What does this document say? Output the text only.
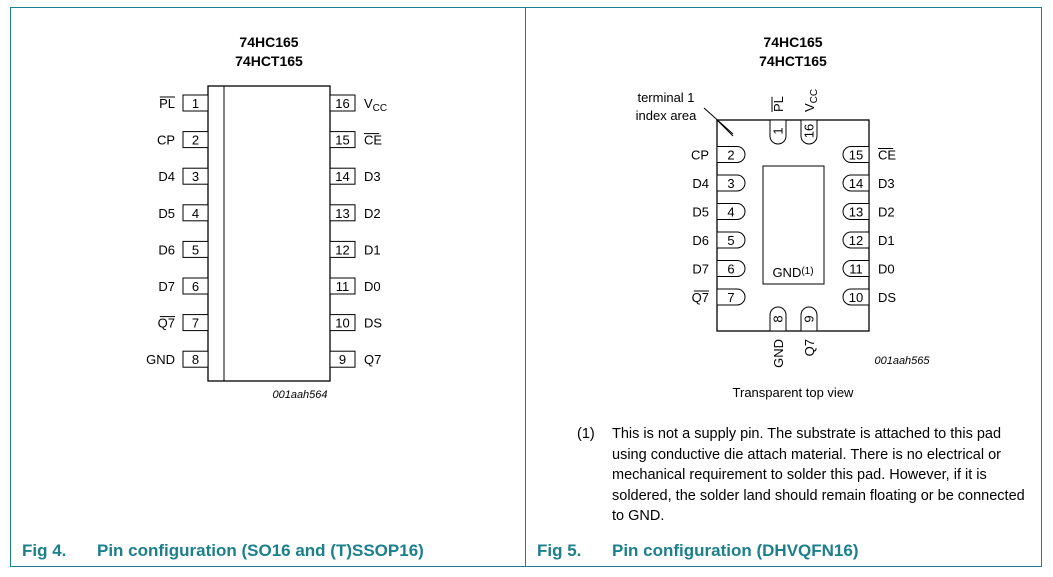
74HC165
74HCT165
1
PL
2
CP
3
D4
4
D5
5
D6
6
D7
7
Q7
8
GND
16 $V_{CC}$
15 CE
14 D3
13 D2
12 D1
11 D0
10 DS
9 Q7
001aah564
74HC165
74HCT165
terminal 1
index area
GND$^{(1)}$
2
CP
3
D4
4
D5
5
D6
6
D7
7
Q7
15 CE
14 D3
13 D2
12 D1
11 D0
10 DS
1
PL
16
$V_{CC}$
8
GND
9
Q7
001aah565
Transparent top view
Fig 4. Pin configuration (SO16 and (T)SSOP16)	Fig 5. Pin configuration (DHVQFN16)
(1) This is not a supply pin. The substrate is attached to this pad using conductive die attach material. There is no electrical or mechanical requirement to solder this pad. However, if it is soldered, the solder land should remain floating or be connected to GND.
